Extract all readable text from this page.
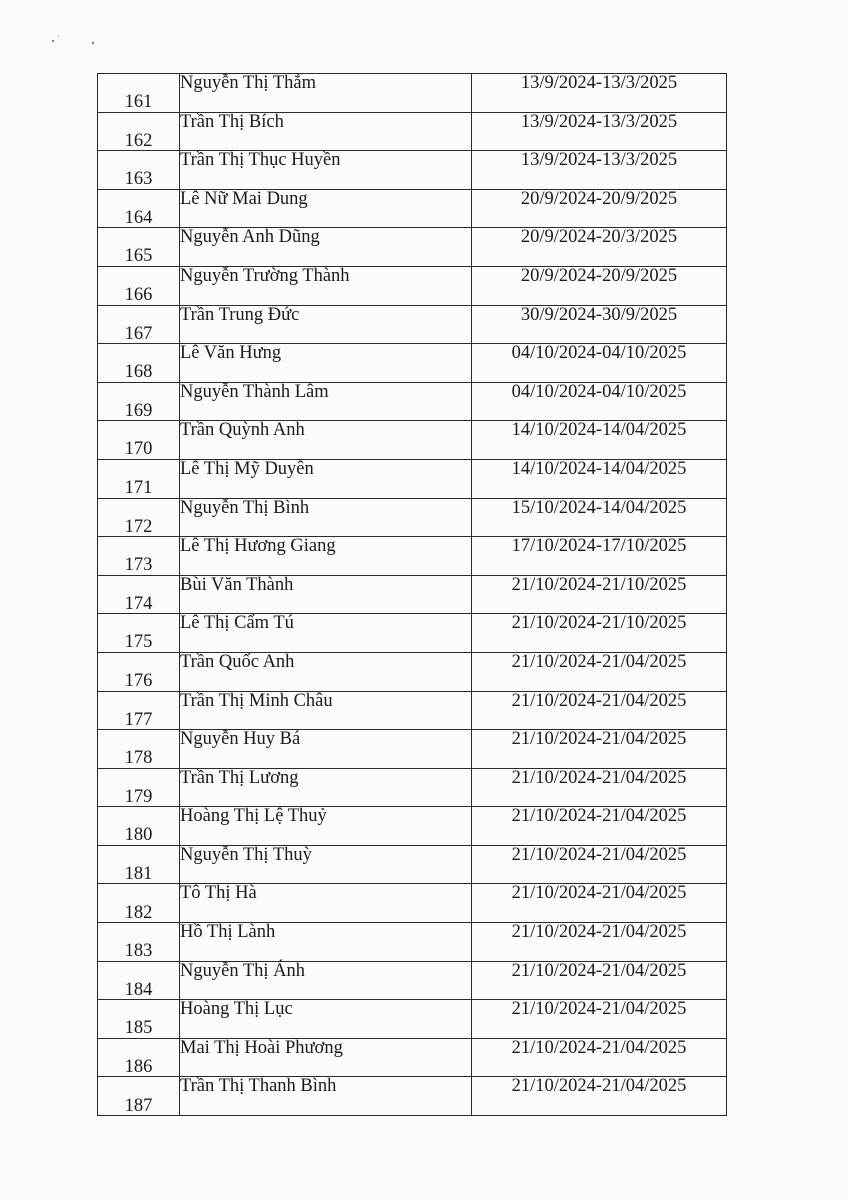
161	Nguyễn Thị Thắm	13/9/2024-13/3/2025
162	Trần Thị Bích	13/9/2024-13/3/2025
163	Trần Thị Thục Huyền	13/9/2024-13/3/2025
164	Lê Nữ Mai Dung	20/9/2024-20/9/2025
165	Nguyễn Anh Dũng	20/9/2024-20/3/2025
166	Nguyễn Trường Thành	20/9/2024-20/9/2025
167	Trần Trung Đức	30/9/2024-30/9/2025
168	Lê Văn Hưng	04/10/2024-04/10/2025
169	Nguyễn Thành Lâm	04/10/2024-04/10/2025
170	Trần Quỳnh Anh	14/10/2024-14/04/2025
171	Lê Thị Mỹ Duyên	14/10/2024-14/04/2025
172	Nguyễn Thị Bình	15/10/2024-14/04/2025
173	Lê Thị Hương Giang	17/10/2024-17/10/2025
174	Bùi Văn Thành	21/10/2024-21/10/2025
175	Lê Thị Cẩm Tú	21/10/2024-21/10/2025
176	Trần Quốc Anh	21/10/2024-21/04/2025
177	Trần Thị Minh Châu	21/10/2024-21/04/2025
178	Nguyễn Huy Bá	21/10/2024-21/04/2025
179	Trần Thị Lương	21/10/2024-21/04/2025
180	Hoàng Thị Lệ Thuỷ	21/10/2024-21/04/2025
181	Nguyễn Thị Thuỳ	21/10/2024-21/04/2025
182	Tô Thị Hà	21/10/2024-21/04/2025
183	Hồ Thị Lành	21/10/2024-21/04/2025
184	Nguyễn Thị Ánh	21/10/2024-21/04/2025
185	Hoàng Thị Lục	21/10/2024-21/04/2025
186	Mai Thị Hoài Phương	21/10/2024-21/04/2025
187	Trần Thị Thanh Bình	21/10/2024-21/04/2025
